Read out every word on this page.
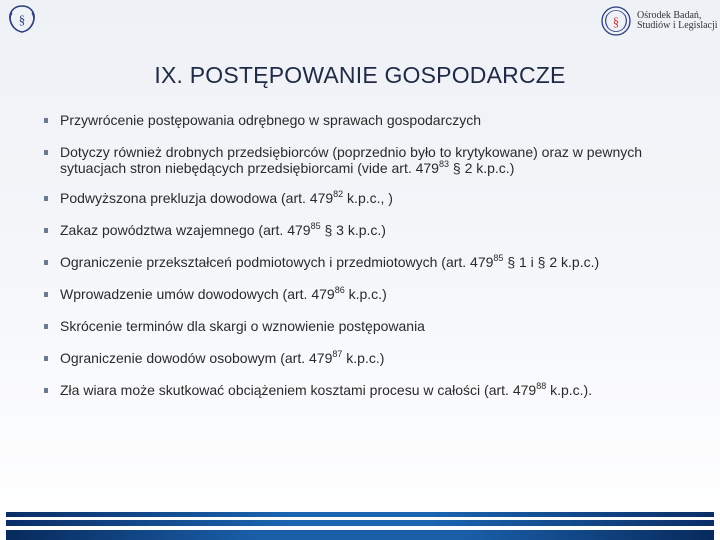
§	§ Ośrodek Badań,
Studiów i Legislacji
IX. POSTĘPOWANIE GOSPODARCZE
Przywrócenie postępowania odrębnego w sprawach gospodarczych
Dotyczy również drobnych przedsiębiorców (poprzednio było to krytykowane) oraz w pewnych
sytuacjach stron niebędących przedsiębiorcami (vide art. $479^{83}$ § 2 k.p.c.)
Podwyższona prekluzja dowodowa (art. $479^{82}$ k.p.c., )
Zakaz powództwa wzajemnego (art. $479^{85}$ § 3 k.p.c.)
Ograniczenie przekształceń podmiotowych i przedmiotowych (art. $479^{85}$ § 1 i § 2 k.p.c.)
Wprowadzenie umów dowodowych (art. $479^{86}$ k.p.c.)
Skrócenie terminów dla skargi o wznowienie postępowania
Ograniczenie dowodów osobowym (art. $479^{87}$ k.p.c.)
Zła wiara może skutkować obciążeniem kosztami procesu w całości (art. $479^{88}$ k.p.c.).
